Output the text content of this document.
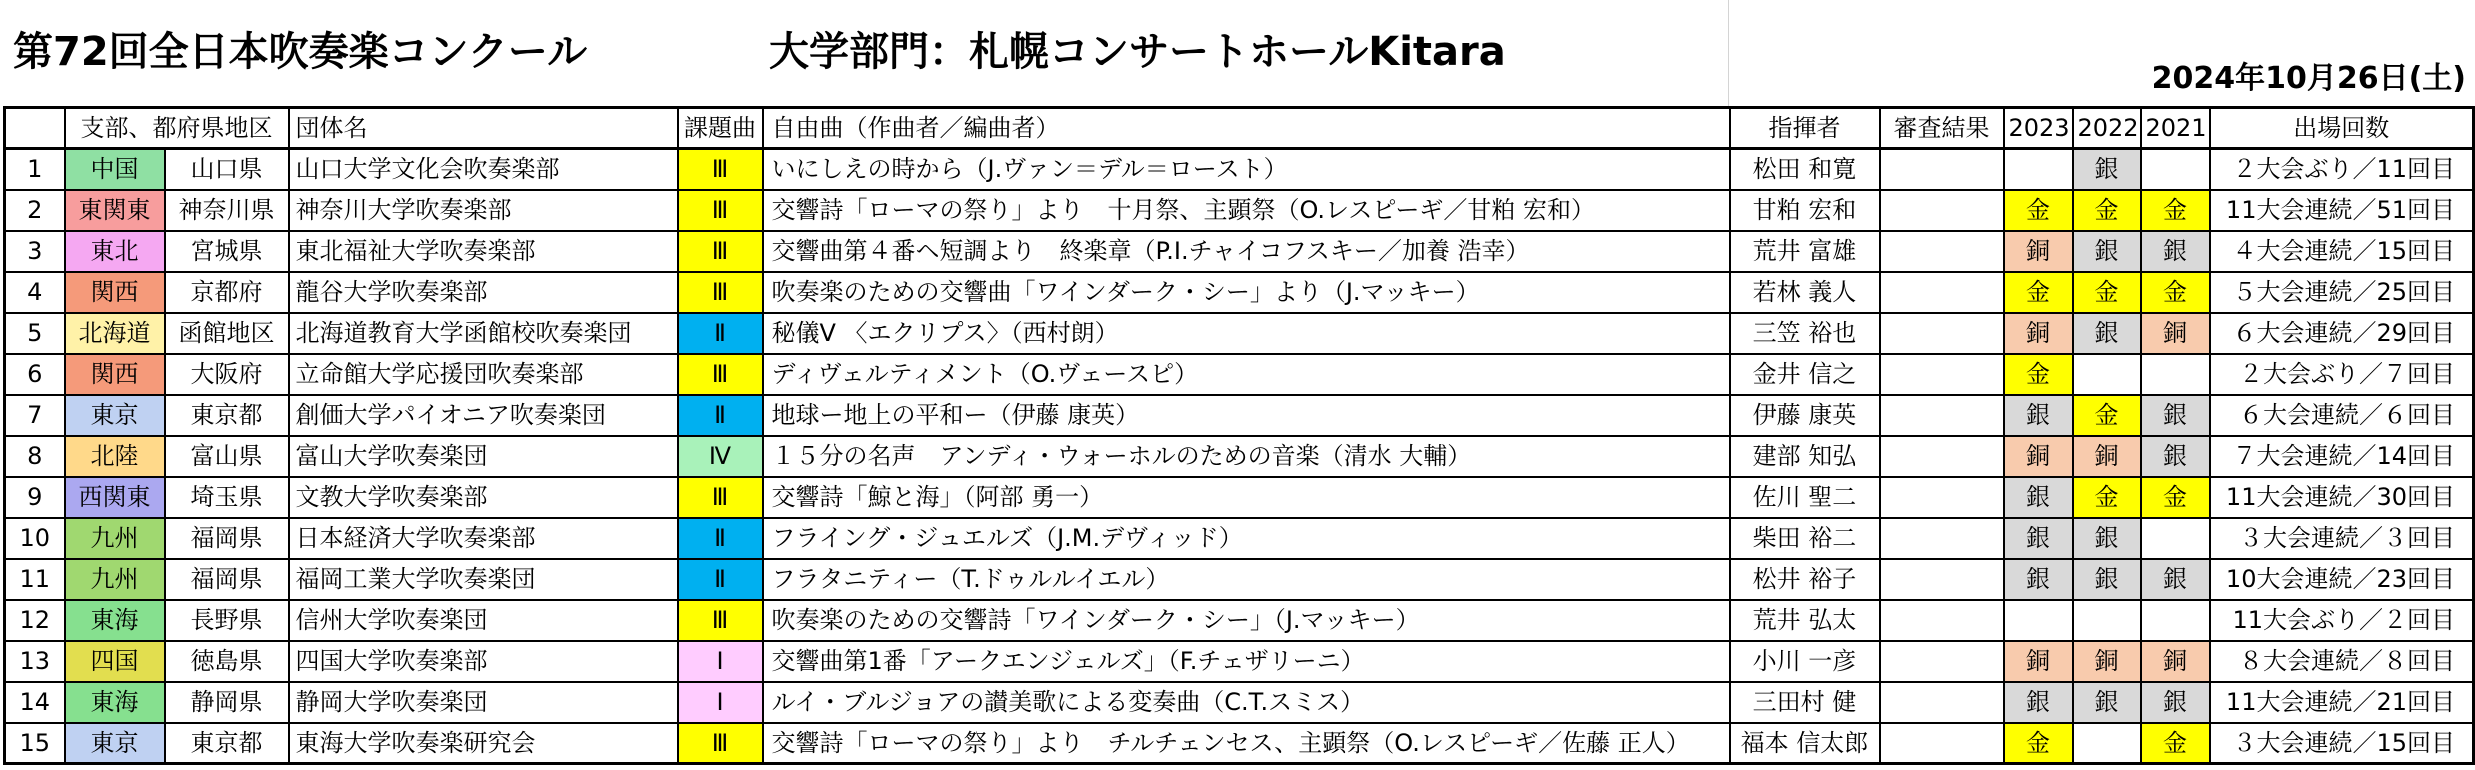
第72回全日本吹奏楽コンクール	大学部門：札幌コンサートホールKitara
2024年10月26日(土)
	支部、都府県地区		団体名	課題曲	自由曲（作曲者／編曲者）	指揮者	審査結果	2023	2022	2021	出場回数
1	中国	山口県	山口大学文化会吹奏楽部	Ⅲ	いにしえの時から（J.ヴァン＝デル＝ロースト）	松田 和寛			銀		２大会ぶり／11回目
2	東関東	神奈川県	神奈川大学吹奏楽部	Ⅲ	交響詩「ローマの祭り」より　十月祭、主顕祭（O.レスピーギ／甘粕 宏和）	甘粕 宏和		金	金	金	11大会連続／51回目
3	東北	宮城県	東北福祉大学吹奏楽部	Ⅲ	交響曲第４番ヘ短調より　終楽章（P.I.チャイコフスキー／加養 浩幸）	荒井 富雄		銅	銀	銀	４大会連続／15回目
4	関西	京都府	龍谷大学吹奏楽部	Ⅲ	吹奏楽のための交響曲「ワインダーク・シー」より（J.マッキー）	若林 義人		金	金	金	５大会連続／25回目
5	北海道	函館地区	北海道教育大学函館校吹奏楽団	Ⅱ	秘儀Ⅴ 〈エクリプス〉（西村朗）	三笠 裕也		銅	銀	銅	６大会連続／29回目
6	関西	大阪府	立命館大学応援団吹奏楽部	Ⅲ	ディヴェルティメント（O.ヴェースピ）	金井 信之		金			２大会ぶり／７回目
7	東京	東京都	創価大学パイオニア吹奏楽団	Ⅱ	地球ー地上の平和ー（伊藤 康英）	伊藤 康英		銀	金	銀	６大会連続／６回目
8	北陸	富山県	富山大学吹奏楽団	Ⅳ	１５分の名声　アンディ・ウォーホルのための音楽（清水 大輔）	建部 知弘		銅	銅	銀	７大会連続／14回目
9	西関東	埼玉県	文教大学吹奏楽部	Ⅲ	交響詩「鯨と海」（阿部 勇一）	佐川 聖二		銀	金	金	11大会連続／30回目
10	九州	福岡県	日本経済大学吹奏楽部	Ⅱ	フライング・ジュエルズ（J.M.デヴィッド）	柴田 裕二		銀	銀		３大会連続／３回目
11	九州	福岡県	福岡工業大学吹奏楽団	Ⅱ	フラタニティー（T.ドゥルルイエル）	松井 裕子		銀	銀	銀	10大会連続／23回目
12	東海	長野県	信州大学吹奏楽団	Ⅲ	吹奏楽のための交響詩「ワインダーク・シー」（J.マッキー）	荒井 弘太					11大会ぶり／２回目
13	四国	徳島県	四国大学吹奏楽部	Ⅰ	交響曲第1番「アークエンジェルズ」（F.チェザリーニ）	小川 一彦		銅	銅	銅	８大会連続／８回目
14	東海	静岡県	静岡大学吹奏楽団	Ⅰ	ルイ・ブルジョアの讃美歌による変奏曲（C.T.スミス）	三田村 健		銀	銀	銀	11大会連続／21回目
15	東京	東京都	東海大学吹奏楽研究会	Ⅲ	交響詩「ローマの祭り」より　チルチェンセス、主顕祭（O.レスピーギ／佐藤 正人）	福本 信太郎		金		金	３大会連続／15回目
